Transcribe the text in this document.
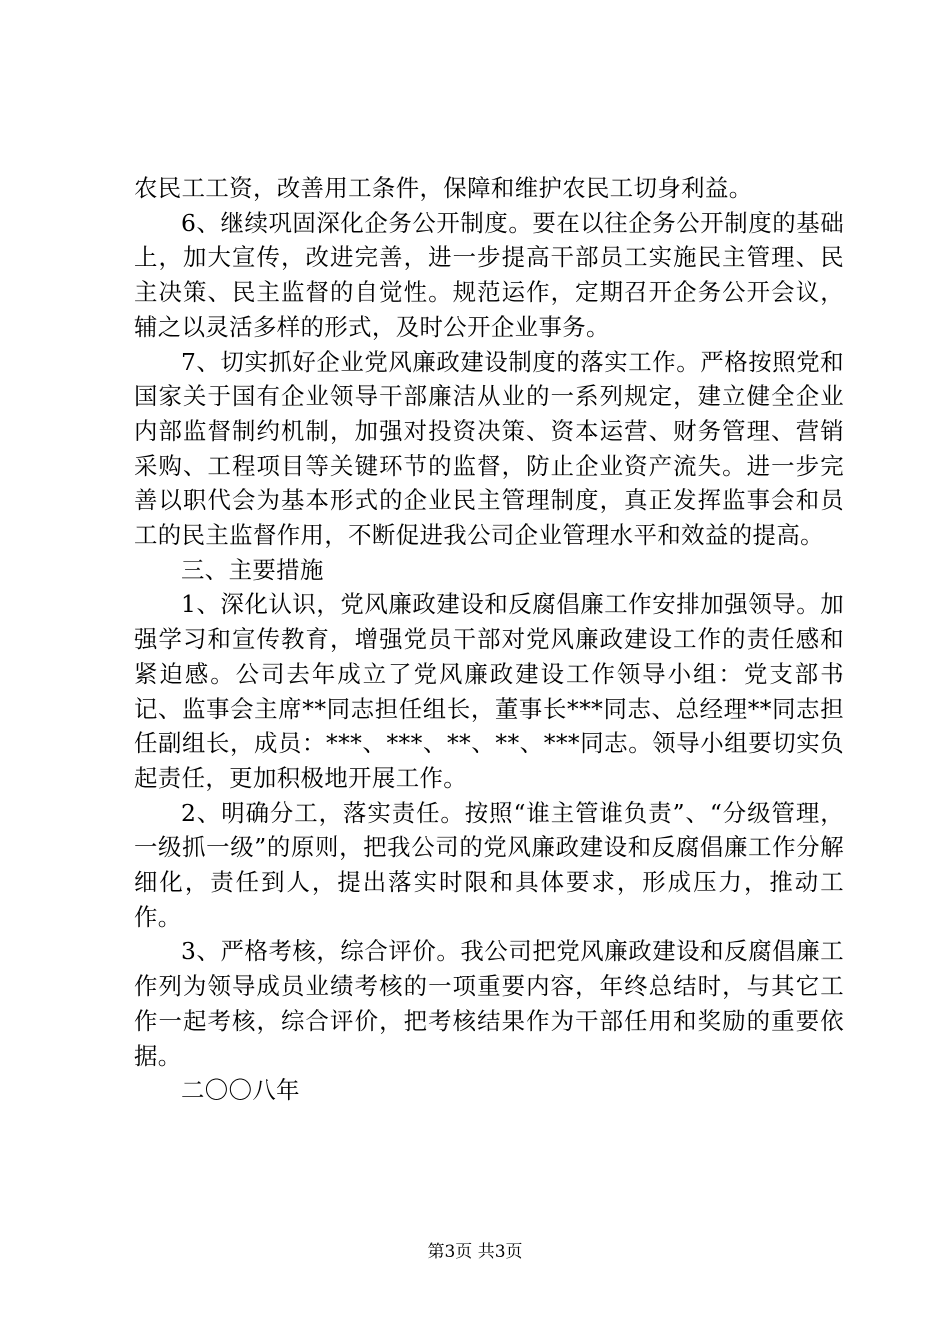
农民工工资，改善用工条件，保障和维护农民工切身利益。

6、继续巩固深化企务公开制度。要在以往企务公开制度的基础上，加大宣传，改进完善，进一步提高干部员工实施民主管理、民主决策、民主监督的自觉性。规范运作，定期召开企务公开会议，辅之以灵活多样的形式，及时公开企业事务。

7、切实抓好企业党风廉政建设制度的落实工作。严格按照党和国家关于国有企业领导干部廉洁从业的一系列规定，建立健全企业内部监督制约机制，加强对投资决策、资本运营、财务管理、营销采购、工程项目等关键环节的监督，防止企业资产流失。进一步完善以职代会为基本形式的企业民主管理制度，真正发挥监事会和员工的民主监督作用，不断促进我公司企业管理水平和效益的提高。

三、主要措施

1、深化认识，党风廉政建设和反腐倡廉工作安排加强领导。加强学习和宣传教育，增强党员干部对党风廉政建设工作的责任感和紧迫感。公司去年成立了党风廉政建设工作领导小组：党支部书记、监事会主席**同志担任组长，董事长***同志、总经理**同志担任副组长，成员：***、***、**、**、***同志。领导小组要切实负起责任，更加积极地开展工作。

2、明确分工，落实责任。按照“谁主管谁负责”、“分级管理，一级抓一级”的原则，把我公司的党风廉政建设和反腐倡廉工作分解细化，责任到人，提出落实时限和具体要求，形成压力，推动工作。

3、严格考核，综合评价。我公司把党风廉政建设和反腐倡廉工作列为领导成员业绩考核的一项重要内容，年终总结时，与其它工作一起考核，综合评价，把考核结果作为干部任用和奖励的重要依据。

二〇〇八年

第3页 共3页
